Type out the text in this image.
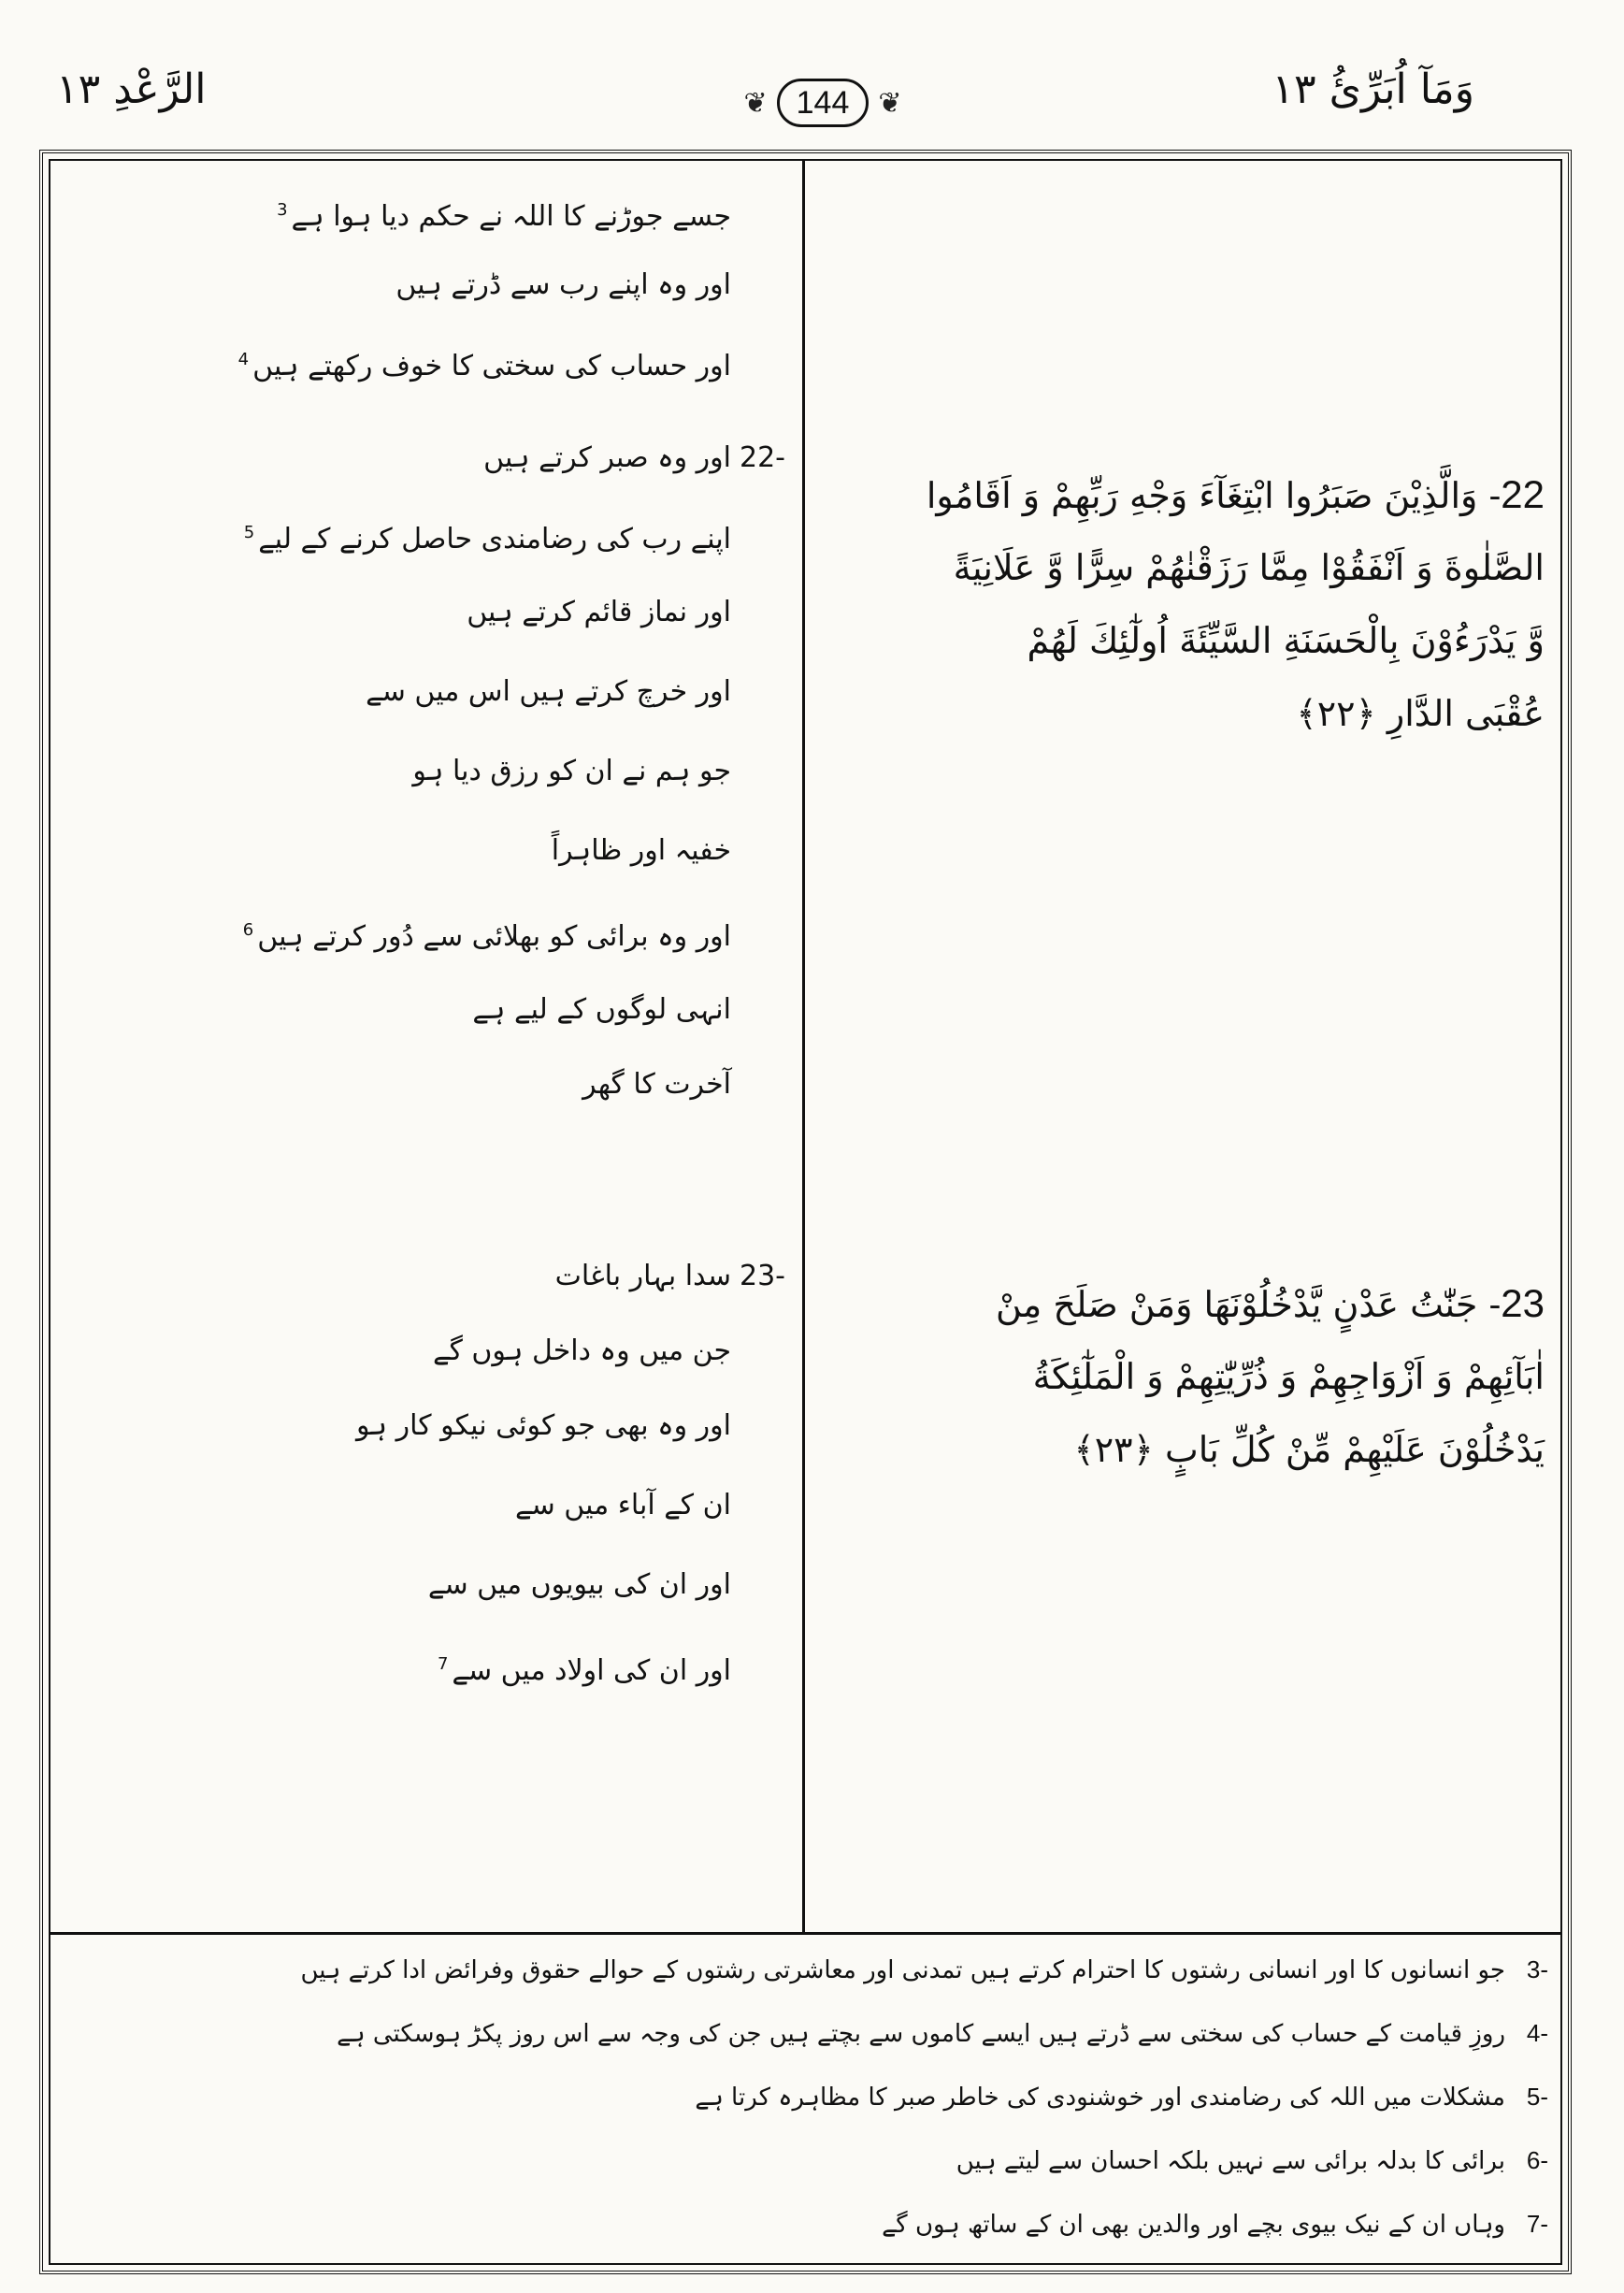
وَمَآ اُبَرِّئُ ۱۳
الرَّعْدِ ۱۳	❦ 144	❦
22- وَالَّذِيْنَ صَبَرُوا ابْتِغَآءَ وَجْهِ رَبِّهِمْ وَ اَقَامُوا
الصَّلٰوةَ وَ اَنْفَقُوْا مِمَّا رَزَقْنٰهُمْ سِرًّا وَّ عَلَانِيَةً
وَّ يَدْرَءُوْنَ بِالْحَسَنَةِ السَّيِّئَةَ اُولٰٓئِكَ لَهُمْ
عُقْبَى الدَّارِ ﴿۲۲﴾
23- جَنّٰتُ عَدْنٍ يَّدْخُلُوْنَهَا وَمَنْ صَلَحَ مِنْ
اٰبَآئِهِمْ وَ اَزْوَاجِهِمْ وَ ذُرِّيّٰتِهِمْ وَ الْمَلٰٓئِكَةُ
يَدْخُلُوْنَ عَلَيْهِمْ مِّنْ كُلِّ بَابٍ ﴿۲۳﴾
جسے جوڑنے کا اللہ نے حکم دیا ہوا ہے$^3$
اور وہ اپنے رب سے ڈرتے ہیں
اور حساب کی سختی کا خوف رکھتے ہیں$^4$
-22اور وہ صبر کرتے ہیں
اپنے رب کی رضامندی حاصل کرنے کے لیے$^5$
اور نماز قائم کرتے ہیں
اور خرچ کرتے ہیں اس میں سے
جو ہم نے ان کو رزق دیا ہو
خفیہ اور ظاہراً
اور وہ برائی کو بھلائی سے دُور کرتے ہیں$^6$
انہی لوگوں کے لیے ہے
آخرت کا گھر
-23سدا بہار باغات
جن میں وہ داخل ہوں گے
اور وہ بھی جو کوئی نیکو کار ہو
ان کے آباء میں سے
اور ان کی بیویوں میں سے
اور ان کی اولاد میں سے$^7$
-3جو انسانوں کا اور انسانی رشتوں کا احترام کرتے ہیں تمدنی اور معاشرتی رشتوں کے حوالے حقوق وفرائض ادا کرتے ہیں
-4روزِ قیامت کے حساب کی سختی سے ڈرتے ہیں ایسے کاموں سے بچتے ہیں جن کی وجہ سے اس روز پکڑ ہوسکتی ہے
-5مشکلات میں اللہ کی رضامندی اور خوشنودی کی خاطر صبر کا مظاہرہ کرتا ہے
-6برائی کا بدلہ برائی سے نہیں بلکہ احسان سے لیتے ہیں
-7وہاں ان کے نیک بیوی بچے اور والدین بھی ان کے ساتھ ہوں گے
